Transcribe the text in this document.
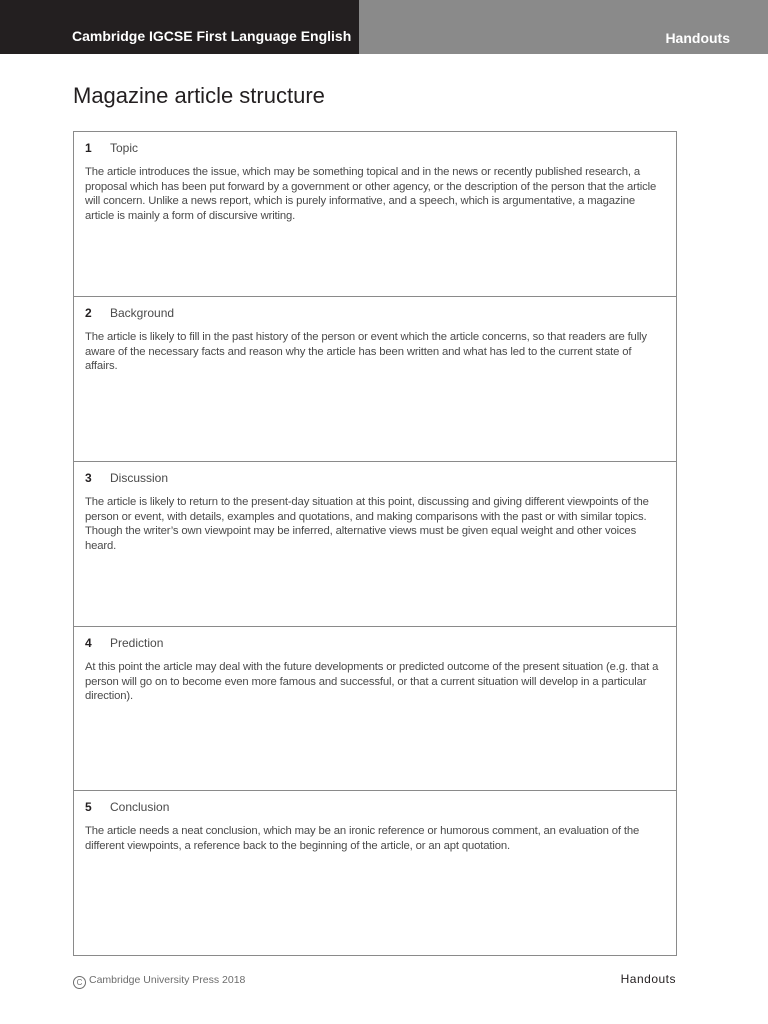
Cambridge IGCSE First Language English	Handouts
Magazine article structure
1 Topic

The article introduces the issue, which may be something topical and in the news or recently published research, a proposal which has been put forward by a government or other agency, or the description of the person that the article will concern. Unlike a news report, which is purely informative, and a speech, which is argumentative, a magazine article is mainly a form of discursive writing.

2 Background

The article is likely to fill in the past history of the person or event which the article concerns, so that readers are fully aware of the necessary facts and reason why the article has been written and what has led to the current state of affairs.

3 Discussion

The article is likely to return to the present-day situation at this point, discussing and giving different viewpoints of the person or event, with details, examples and quotations, and making comparisons with the past or with similar topics. Though the writer’s own viewpoint may be inferred, alternative views must be given equal weight and other voices heard.

4 Prediction

At this point the article may deal with the future developments or predicted outcome of the present situation (e.g. that a person will go on to become even more famous and successful, or that a current situation will develop in a particular direction).

5 Conclusion

The article needs a neat conclusion, which may be an ironic reference or humorous comment, an evaluation of the different viewpoints, a reference back to the beginning of the article, or an apt quotation.

C Cambridge University Press 2018	Handouts
